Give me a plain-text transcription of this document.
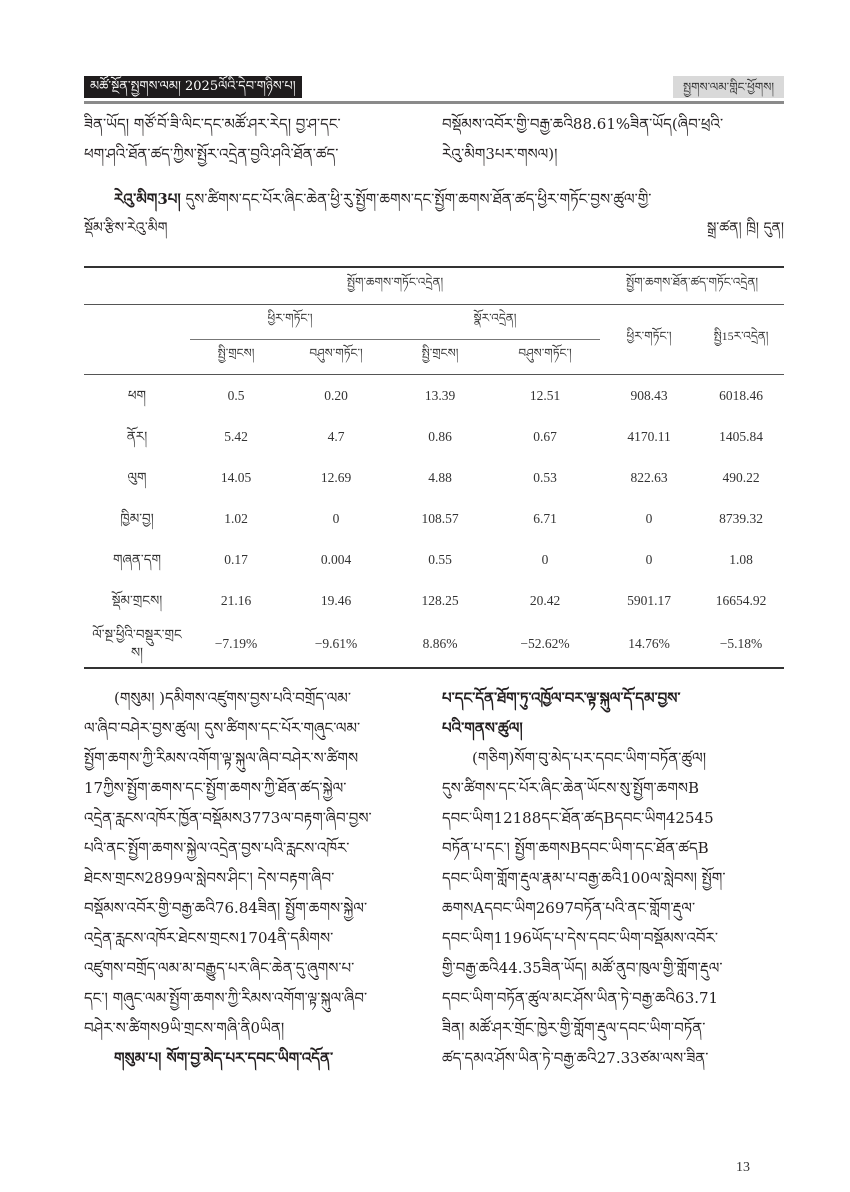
མཚོ་སྔོན་སྤྱགས་ལམ། 2025ལོའི་དེབ་གཉིས་པ།	སྤྱགས་ལམ་གླིང་ཕྱོགས།
ཟིན་ཡོད། གཙོ་བོ་ཟི་ལིང་དང་མཚོ་ཤར་རེད། བྱ་ཤ་དང་
ཕག་ཤའི་ཐོན་ཚད་ཀྱིས་སྤྱོར་འདྲེན་བྱའི་ཤའི་ཐོན་ཚད་
བསྡོམས་འབོར་གྱི་བརྒྱ་ཆའི88.61%ཟིན་ཡོད(ཞིབ་ཕྲའི་
རེའུ་མིག3པར་གསལ)།
རེའུ་མིག3པ། དུས་ཚིགས་དང་པོར་ཞིང་ཆེན་ཕྱི་རུ་སྤྱོག་ཆགས་དང་སྤྱོག་ཆགས་ཐོན་ཚད་ཕྱིར་གཏོང་བྱས་ཚུལ་གྱི་
སྡོམ་རྩིས་རེའུ་མིག	སྒྲ་ཚན། ཁྲི། དུན།
	སྤྱོག་ཆགས་གཏོང་འདྲེན།				སྤྱོག་ཆགས་ཐོན་ཚད་གཏོང་འདྲེན།	
	ཕྱིར་གཏོང་།		སྣོར་འདྲེན།		ཕྱིར་གཏོང་།	སྤྱི15ར་འདྲེན།
	སྤྱི་གྲངས།	བཤུས་གཏོང་།	སྤྱི་གྲངས།	བཤུས་གཏོང་།		
ཕག	0.5	0.20	13.39	12.51	908.43	6018.46
ནོར།	5.42	4.7	0.86	0.67	4170.11	1405.84
ལུག	14.05	12.69	4.88	0.53	822.63	490.22
ཁྱིམ་བྱ།	1.02	0	108.57	6.71	0	8739.32
གཞན་དག	0.17	0.004	0.55	0	0	1.08
སྡོམ་གྲངས།	21.16	19.46	128.25	20.42	5901.17	16654.92
ལོ་སྔ་ཕྱིའི་བསྡུར་གྲངས།	−7.19%	−9.61%	8.86%	−52.62%	14.76%	−5.18%
(གསུམ། )དམིགས་འཛུགས་བྱས་པའི་བགྲོད་ལམ་
ལ་ཞིབ་བཤེར་བྱས་ཚུལ། དུས་ཚིགས་དང་པོར་གཞུང་ལམ་
སྤྱོག་ཆགས་ཀྱི་རིམས་འགོག་ལྟ་སྐུལ་ཞིབ་བཤེར་ས་ཚིགས
17ཀྱིས་སྤྱོག་ཆགས་དང་སྤྱོག་ཆགས་ཀྱི་ཐོན་ཚད་སྐྱེལ་
འདྲེན་རླངས་འཁོར་ཁྱོན་བསྡོམས3773ལ་བརྟག་ཞིབ་བྱས་
པའི་ནང་སྤྱོག་ཆགས་སྐྱེལ་འདྲེན་བྱས་པའི་རླངས་འཁོར་
ཐེངས་གྲངས2899ལ་སླེབས་ཤིང་། དེས་བརྟག་ཞིབ་
བསྡོམས་འབོར་གྱི་བརྒྱ་ཆའི76.84ཟིན། སྤྱོག་ཆགས་སྐྱེལ་
འདྲེན་རླངས་འཁོར་ཐེངས་གྲངས1704ནི་དམིགས་
འཛུགས་བགྲོད་ལམ་མ་བརྒྱུད་པར་ཞིང་ཆེན་དུ་ཞུགས་པ་
དང་། གཞུང་ལམ་སྤྱོག་ཆགས་ཀྱི་རིམས་འགོག་ལྟ་སྐུལ་ཞིབ་
བཤེར་ས་ཚིགས9ཡི་གྲངས་གཞི་ནི0ཡིན།
གསུམ་པ། སོག་བྱ་མེད་པར་དབང་ཡིག་འདོན་
པ་དང་དོན་ཐོག་ཏུ་འཁྱོལ་བར་ལྟ་སྐུལ་དོ་དམ་བྱས་
པའི་གནས་ཚུལ།
(གཅིག)སོག་བུ་མེད་པར་དབང་ཡིག་བཏོན་ཚུལ།
དུས་ཚིགས་དང་པོར་ཞིང་ཆེན་ཡོངས་སུ་སྤྱོག་ཆགསB
དབང་ཡིག12188དང་ཐོན་ཚདBདབང་ཡིག42545
བཏོན་པ་དང་། སྤྱོག་ཆགསBདབང་ཡིག་དང་ཐོན་ཚདB
དབང་ཡིག་གློག་རྡུལ་རྣམ་པ་བརྒྱ་ཆའི100ལ་སླེབས། སྤྱོག་
ཆགསAདབང་ཡིག2697བཏོན་པའི་ནང་གློག་རྡུལ་
དབང་ཡིག1196ཡོད་པ་དེས་དབང་ཡིག་བསྡོམས་འབོར་
གྱི་བརྒྱ་ཆའི44.35ཟིན་ཡོད། མཚོ་ནུབ་ཁུལ་གྱི་གློག་རྡུལ་
དབང་ཡིག་བཏོན་ཚུལ་མང་ཤོས་ཡིན་ཏེ་བརྒྱ་ཆའི63.71
ཟིན། མཚོ་ཤར་གྲོང་ཁྱེར་གྱི་གློག་རྡུལ་དབང་ཡིག་བཏོན་
ཚད་དམའ་ཤོས་ཡིན་ཏེ་བརྒྱ་ཆའི27.33ཙམ་ལས་ཟིན་
13
